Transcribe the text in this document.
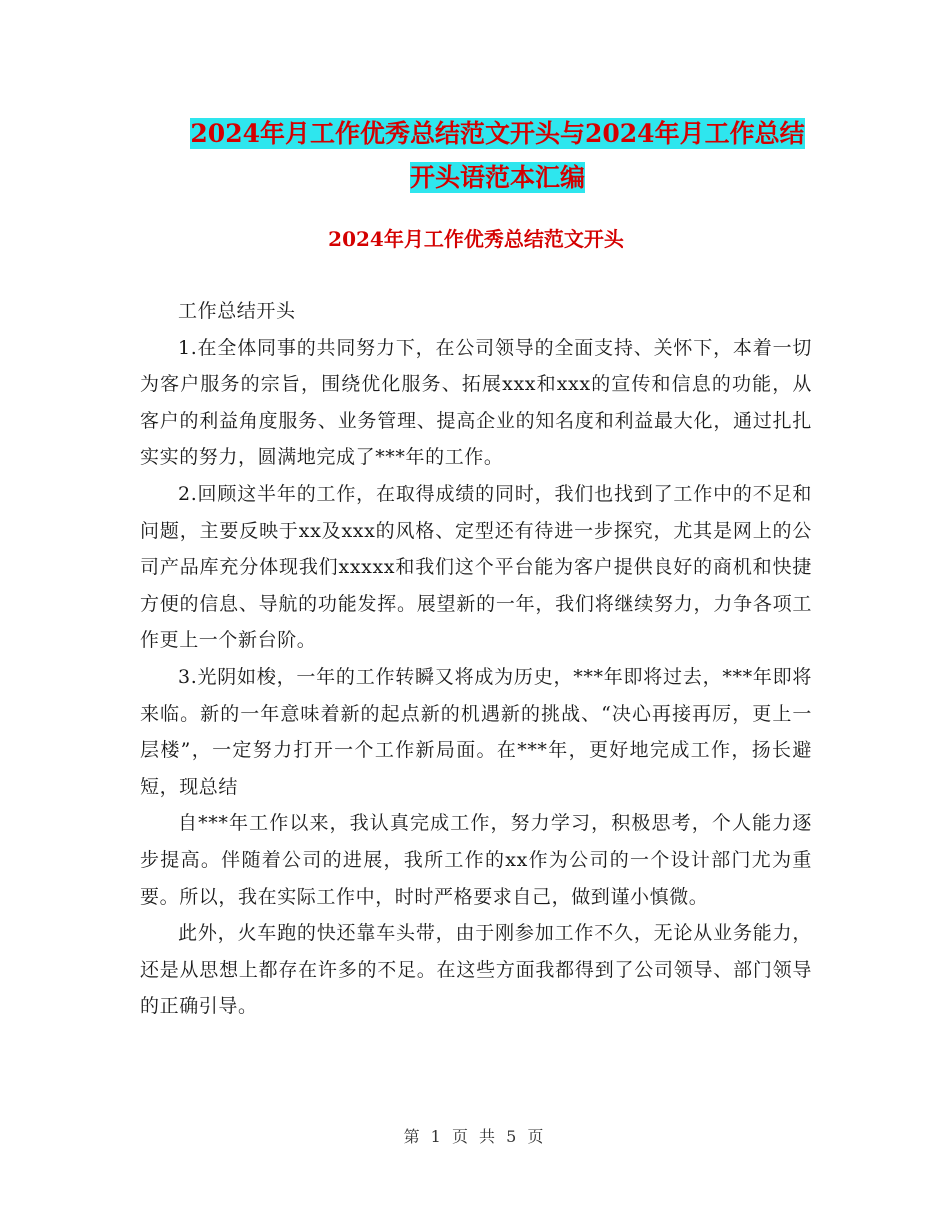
2024年月工作优秀总结范文开头与2024年月工作总结
开头语范本汇编
2024年月工作优秀总结范文开头

工作总结开头

1.在全体同事的共同努力下，在公司领导的全面支持、关怀下，本着一切为客户服务的宗旨，围绕优化服务、拓展xxx和xxx的宣传和信息的功能，从客户的利益角度服务、业务管理、提高企业的知名度和利益最大化，通过扎扎实实的努力，圆满地完成了***年的工作。

2.回顾这半年的工作，在取得成绩的同时，我们也找到了工作中的不足和问题，主要反映于xx及xxx的风格、定型还有待进一步探究，尤其是网上的公司产品库充分体现我们xxxxx和我们这个平台能为客户提供良好的商机和快捷方便的信息、导航的功能发挥。展望新的一年，我们将继续努力，力争各项工作更上一个新台阶。

3.光阴如梭，一年的工作转瞬又将成为历史，***年即将过去，***年即将来临。新的一年意味着新的起点新的机遇新的挑战、“决心再接再厉，更上一层楼”，一定努力打开一个工作新局面。在***年，更好地完成工作，扬长避短，现总结

自***年工作以来，我认真完成工作，努力学习，积极思考，个人能力逐步提高。伴随着公司的进展，我所工作的xx作为公司的一个设计部门尤为重要。所以，我在实际工作中，时时严格要求自己，做到谨小慎微。

此外，火车跑的快还靠车头带，由于刚参加工作不久，无论从业务能力，还是从思想上都存在许多的不足。在这些方面我都得到了公司领导、部门领导的正确引导。

第 1 页 共 5 页
